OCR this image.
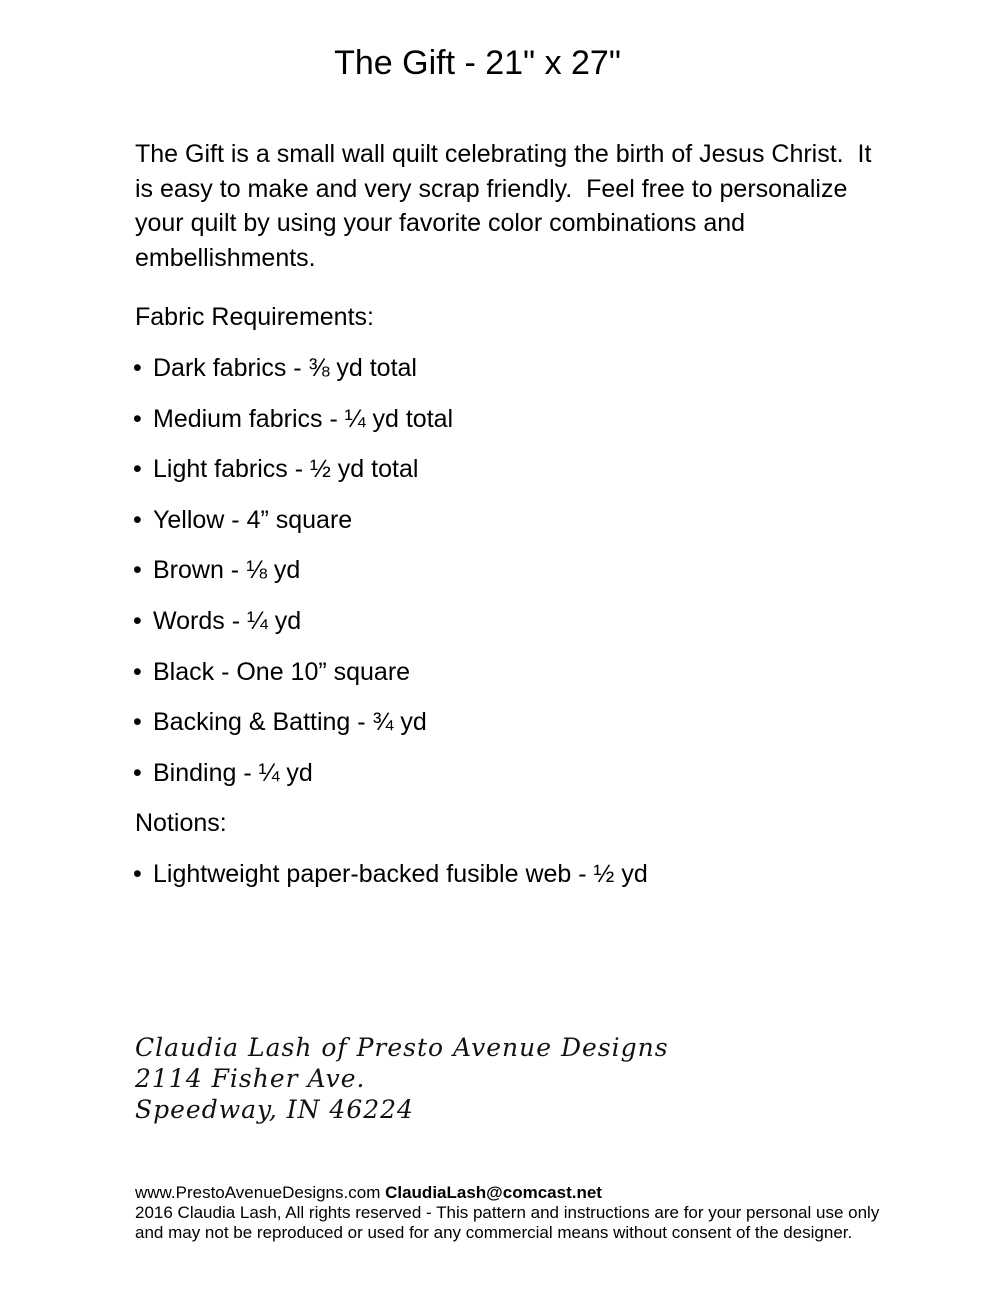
The Gift - 21" x 27"

The Gift is a small wall quilt celebrating the birth of Jesus Christ.  It is easy to make and very scrap friendly.  Feel free to personalize your quilt by using your favorite color combinations and embellishments.

Fabric Requirements:
• Dark fabrics - ⅜ yd total
• Medium fabrics - ¼ yd total
• Light fabrics - ½ yd total
• Yellow - 4” square
• Brown - ⅛ yd
• Words - ¼ yd
• Black - One 10” square
• Backing & Batting - ¾ yd
• Binding - ¼ yd
Notions:
• Lightweight paper-backed fusible web - ½ yd
Claudia Lash of Presto Avenue Designs
2114 Fisher Ave.
Speedway, IN 46224
www.PrestoAvenueDesigns.com ClaudiaLash@comcast.net
2016 Claudia Lash, All rights reserved - This pattern and instructions are for your personal use only and may not be reproduced or used for any commercial means without consent of the designer.
